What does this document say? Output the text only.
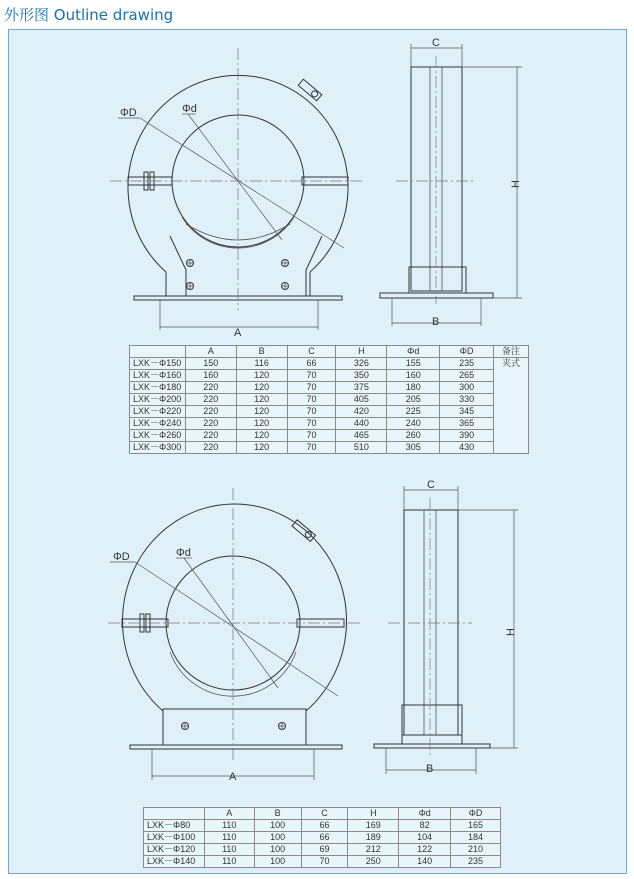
外形图 Outline drawing
ΦD	Φd
A
C
H
B
ΦD	Φd
A
C
H
B
	A	B	C	H	Φd	ΦD	备注
LXK－Φ150	150	116	66	326	155	235	夹式
LXK－Φ160	160	120	70	350	160	265	
LXK－Φ180	220	120	70	375	180	300	
LXK－Φ200	220	120	70	405	205	330	
LXK－Φ220	220	120	70	420	225	345	
LXK－Φ240	220	120	70	440	240	365	
LXK－Φ260	220	120	70	465	260	390	
LXK－Φ300	220	120	70	510	305	430	
	A	B	C	H	Φd	ΦD
LXK－Φ80	110	100	66	169	82	165
LXK－Φ100	110	100	66	189	104	184
LXK－Φ120	110	100	69	212	122	210
LXK－Φ140	110	100	70	250	140	235
